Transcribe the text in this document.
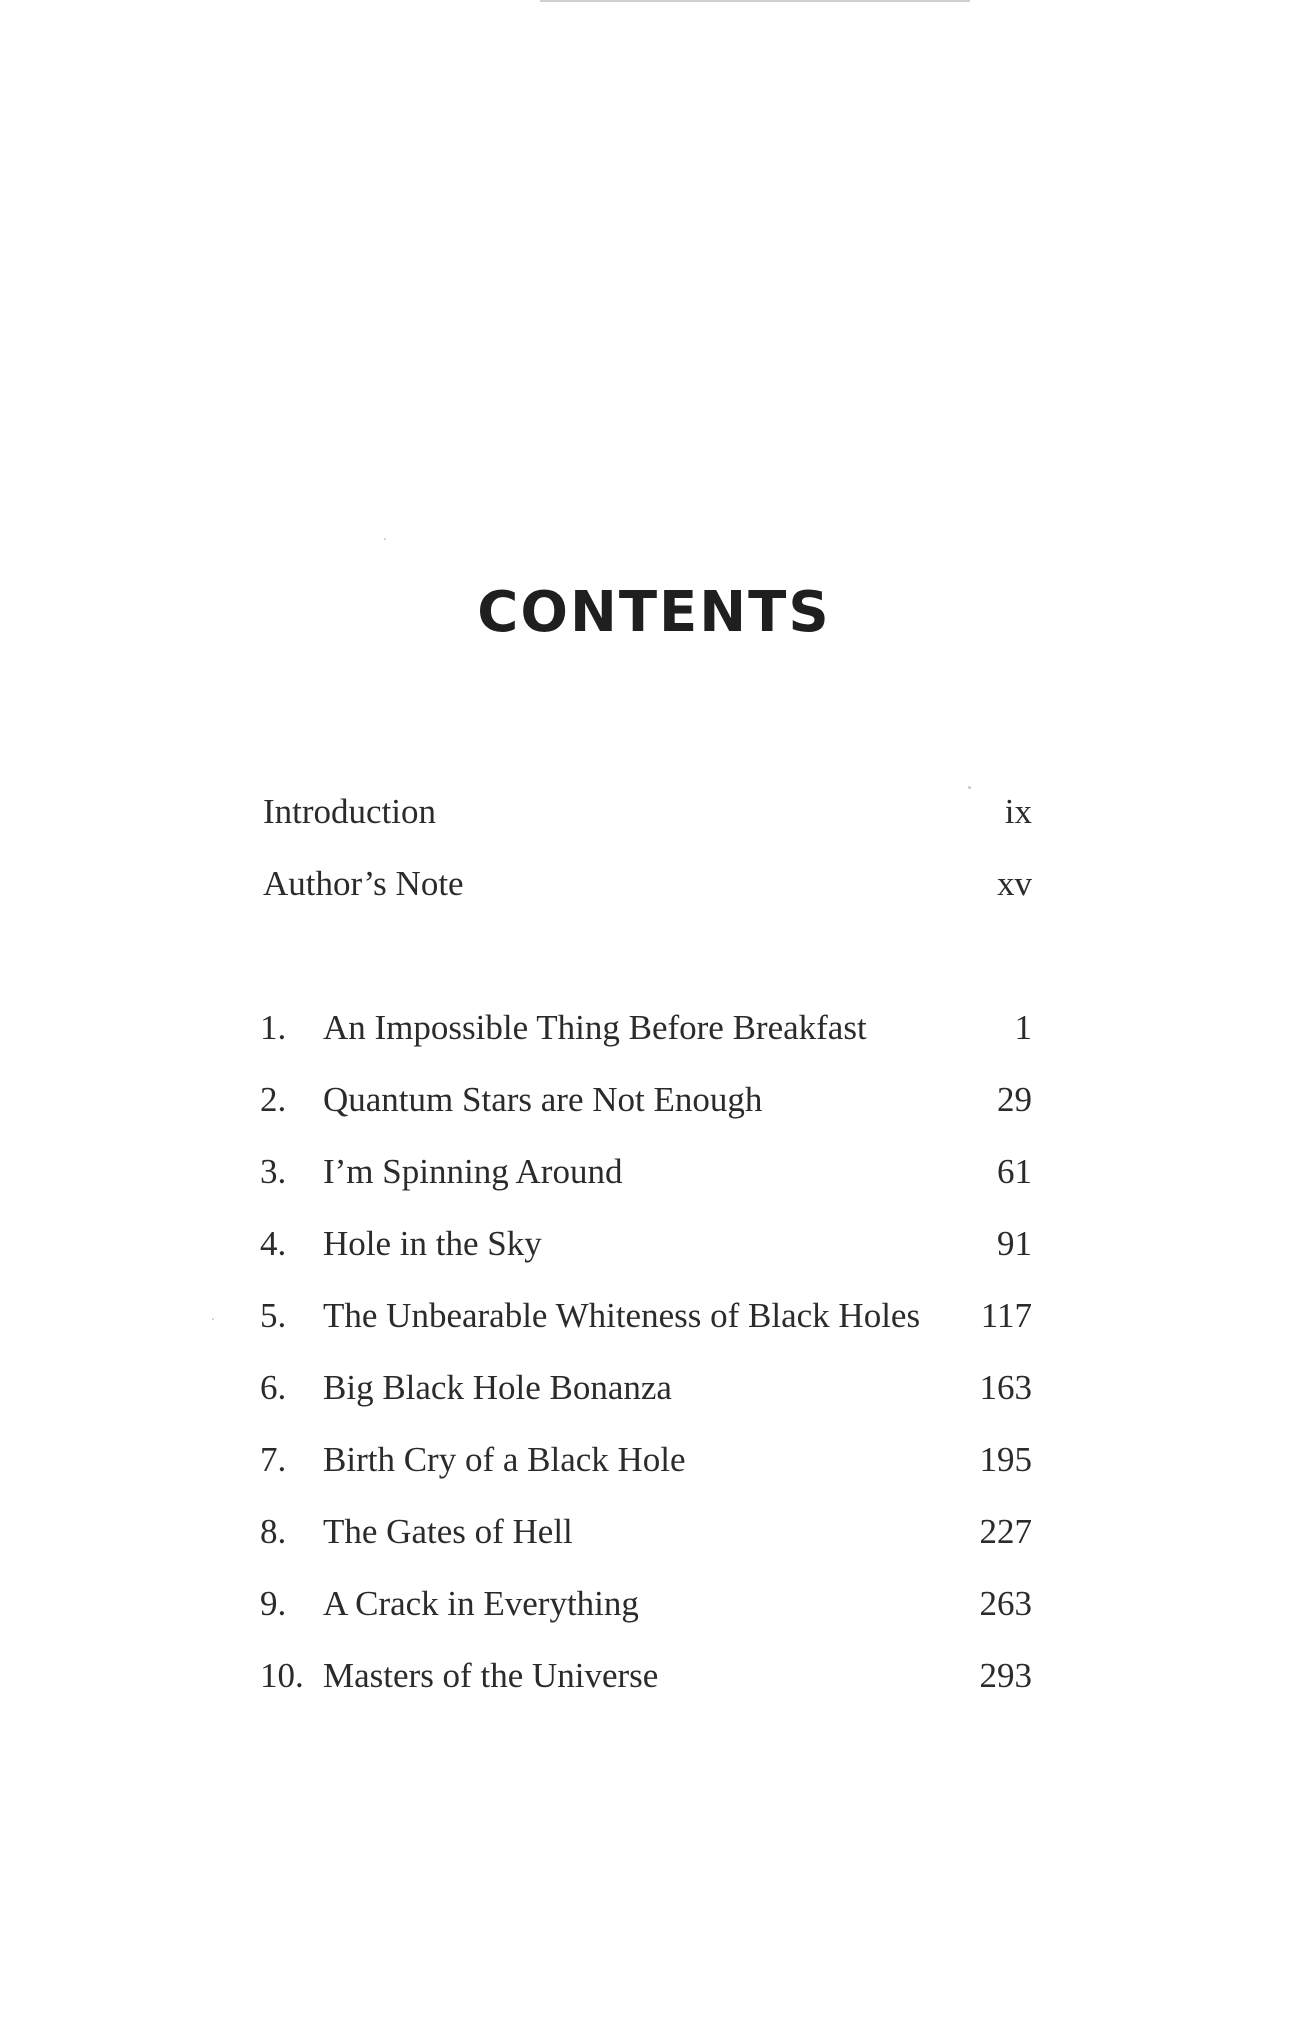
CONTENTS
Introduction	ix
Author’s Note	xv
1.	An Impossible Thing Before Breakfast	1
2.	Quantum Stars are Not Enough	29
3.	I’m Spinning Around	61
4.	Hole in the Sky	91
5.	The Unbearable Whiteness of Black Holes 117
6.	Big Black Hole Bonanza	163
7.	Birth Cry of a Black Hole	195
8.	The Gates of Hell	227
9.	A Crack in Everything	263
10. Masters of the Universe	293
